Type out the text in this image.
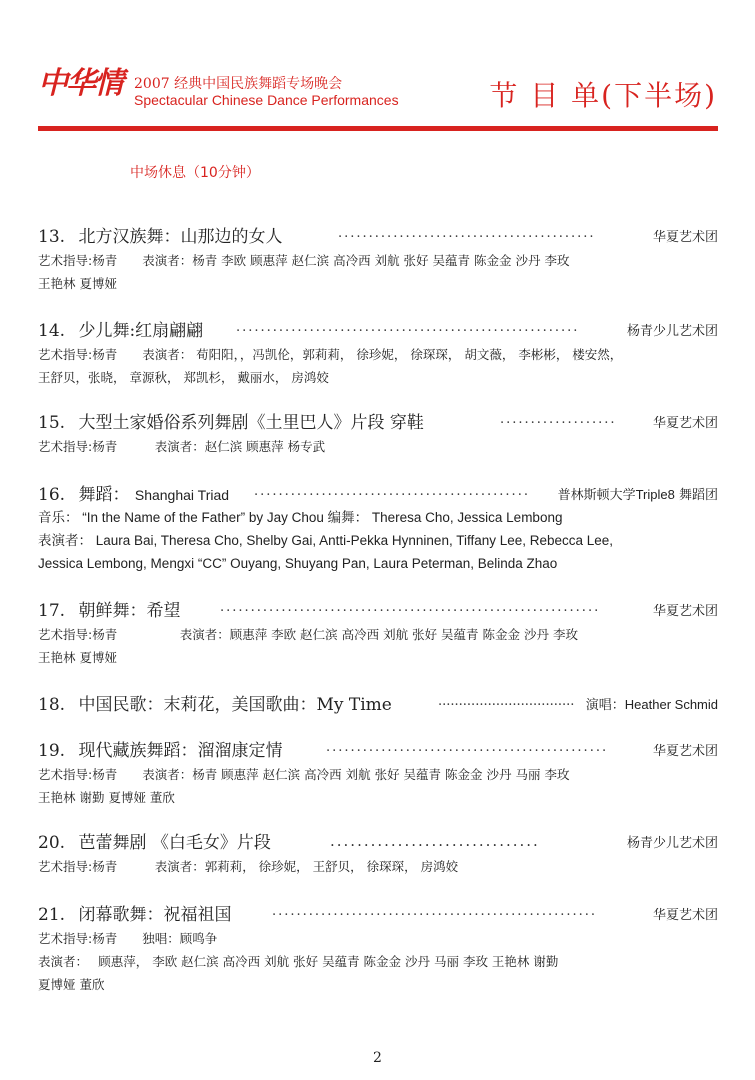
中华情 2007 经典中国民族舞蹈专场晚会
Spectacular Chinese Dance Performances	节 目 单(下半场)
中场休息（10分钟）
13. 北方汉族舞：山那边的女人	..........................................	华夏艺术团
艺术指导:杨青　　表演者：杨青 李欧 顾惠萍 赵仁滨 高冷西 刘航 张好 吴蕴青 陈金金 沙丹 李玫
王艳林 夏博娅
14. 少儿舞:红扇翩翩	........................................................	杨青少儿艺术团
艺术指导:杨青　　表演者： 荀阳阳，，冯凯伦，郭莉莉， 徐珍妮， 徐琛琛， 胡文薇， 李彬彬， 楼安然，
王舒贝，张晓， 章源秋， 郑凯杉， 戴丽水， 房鸿姣
15. 大型土家婚俗系列舞剧《土里巴人》片段 穿鞋	...................	华夏艺术团
艺术指导:杨青　　　表演者：赵仁滨 顾惠萍 杨专武
16. 舞蹈： Shanghai Triad ............................................. 普林斯顿大学Triple8 舞蹈团
音乐： “In the Name of the Father” by Jay Chou 编舞： Theresa Cho, Jessica Lembong
表演者： Laura Bai, Theresa Cho, Shelby Gai, Antti-Pekka Hynninen, Tiffany Lee, Rebecca Lee,
Jessica Lembong, Mengxi “CC” Ouyang, Shuyang Pan, Laura Peterman, Belinda Zhao
17. 朝鲜舞：希望	..............................................................	华夏艺术团
艺术指导:杨青　　　　　表演者：顾惠萍 李欧 赵仁滨 高冷西 刘航 张好 吴蕴青 陈金金 沙丹 李玫
王艳林 夏博娅
18. 中国民歌：末莉花，美国歌曲：My Time	................................. 演唱：Heather Schmid
19. 现代藏族舞蹈：溜溜康定情	..............................................	华夏艺术团
艺术指导:杨青　　表演者：杨青 顾惠萍 赵仁滨 高冷西 刘航 张好 吴蕴青 陈金金 沙丹 马丽 李玫
王艳林 谢勤 夏博娅 董欣
20. 芭蕾舞剧 《白毛女》片段	...............................	杨青少儿艺术团
艺术指导:杨青　　　表演者：郭莉莉， 徐珍妮， 王舒贝， 徐琛琛， 房鸿姣
21. 闭幕歌舞：祝福祖国	.....................................................	华夏艺术团
艺术指导:杨青　　独唱：顾鸣争
表演者：　 顾惠萍， 李欧 赵仁滨 高冷西 刘航 张好 吴蕴青 陈金金 沙丹 马丽 李玫 王艳林 谢勤
夏博娅 董欣
2
